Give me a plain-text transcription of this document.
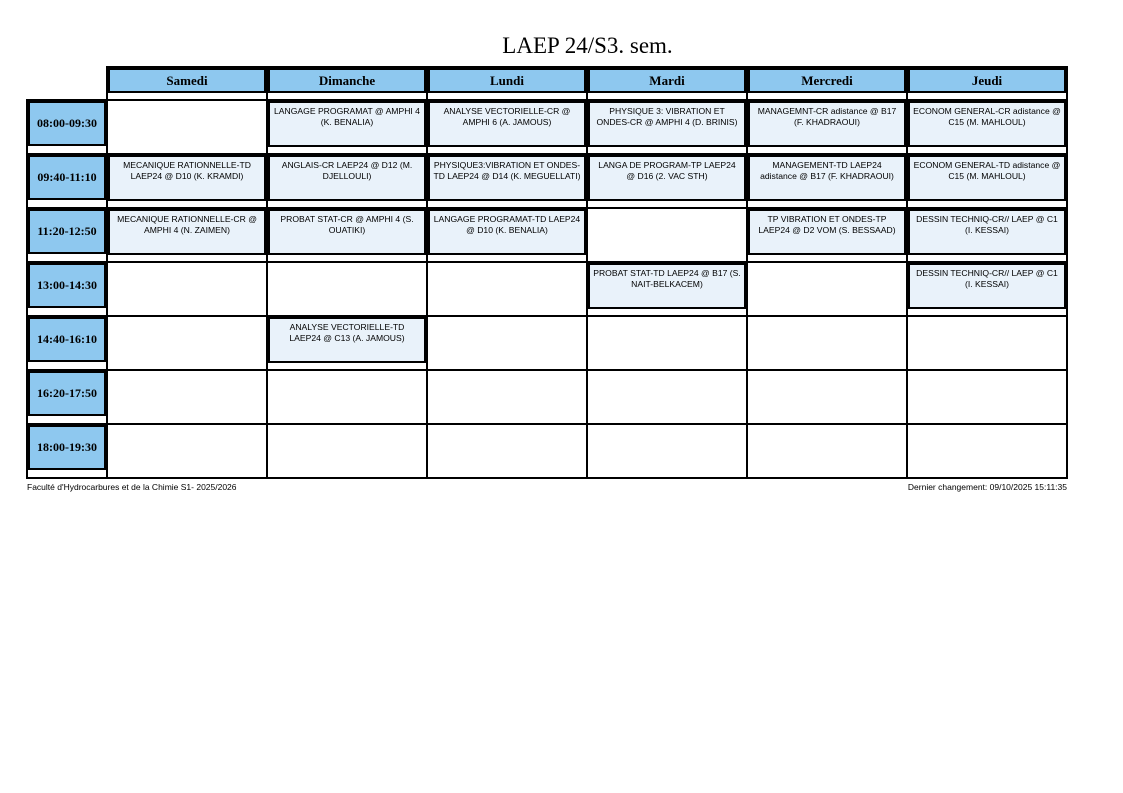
LAEP 24/S3. sem.

	Samedi	Dimanche	Lundi	Mardi	Mercredi	Jeudi

08:00-09:30		LANGAGE PROGRAMAT @ AMPHI 4 (K. BENALIA)	ANALYSE VECTORIELLE-CR @ AMPHI 6 (A. JAMOUS)	PHYSIQUE 3: VIBRATION ET ONDES-CR @ AMPHI 4 (D. BRINIS)	MANAGEMNT-CR adistance @ B17 (F. KHADRAOUI)	ECONOM GENERAL-CR adistance @ C15 (M. MAHLOUL)

09:40-11:10	MECANIQUE RATIONNELLE-TD LAEP24 @ D10 (K. KRAMDI)	ANGLAIS-CR LAEP24 @ D12 (M. DJELLOULI)	PHYSIQUE3:VIBRATION ET ONDES-TD LAEP24 @ D14 (K. MEGUELLATI)	LANGA DE PROGRAM-TP LAEP24 @ D16 (2. VAC STH)	MANAGEMENT-TD LAEP24 adistance @ B17 (F. KHADRAOUI)	ECONOM GENERAL-TD adistance @ C15 (M. MAHLOUL)

11:20-12:50	MECANIQUE RATIONNELLE-CR @ AMPHI 4 (N. ZAIMEN)	PROBAT STAT-CR @ AMPHI 4 (S. OUATIKI)	LANGAGE PROGRAMAT-TD LAEP24 @ D10 (K. BENALIA)		TP VIBRATION ET ONDES-TP LAEP24 @ D2 VOM (S. BESSAAD)	DESSIN TECHNIQ-CR// LAEP @ C1 (I. KESSAI)

13:00-14:30				PROBAT STAT-TD LAEP24 @ B17 (S. NAIT-BELKACEM)		DESSIN TECHNIQ-CR// LAEP @ C1 (I. KESSAI)

14:40-16:10		ANALYSE VECTORIELLE-TD LAEP24 @ C13 (A. JAMOUS)				

16:20-17:50						

18:00-19:30						

Faculté d'Hydrocarbures et de la Chimie S1- 2025/2026	Dernier changement: 09/10/2025 15:11:35
